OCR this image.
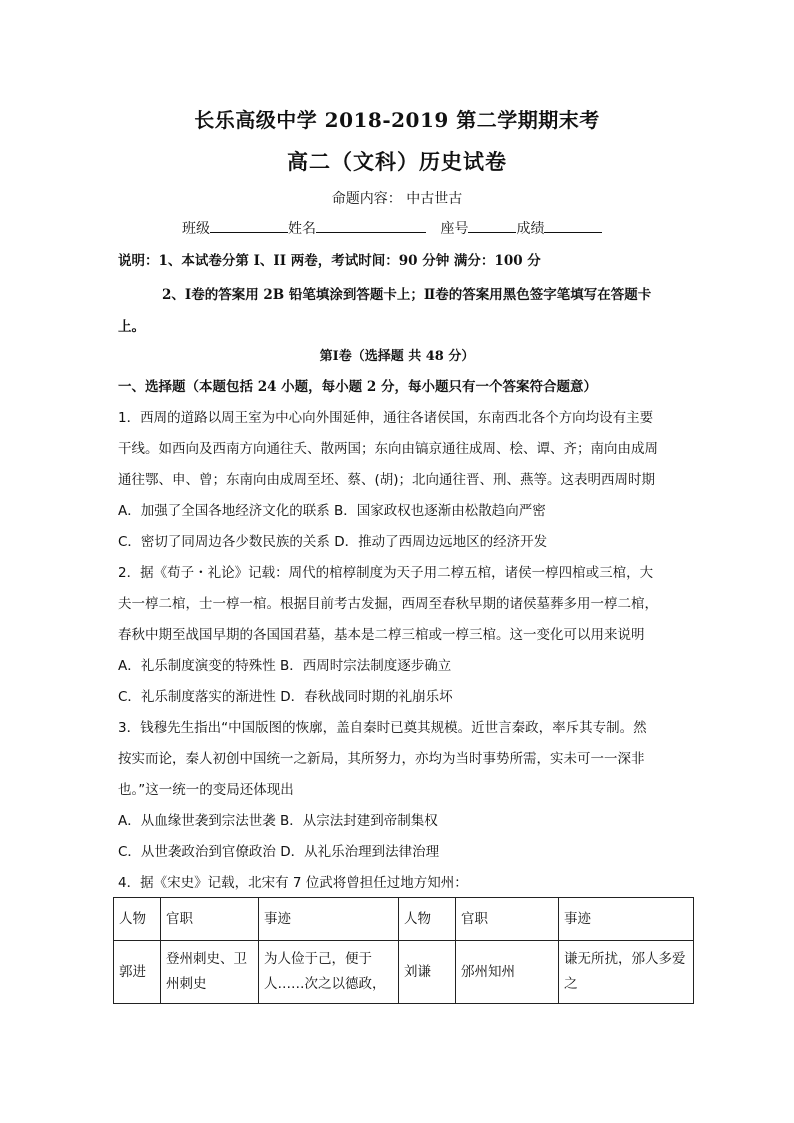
长乐高级中学 2018-2019 第二学期期末考
高二（文科）历史试卷
命题内容： 中古世古
班级	姓名	座号	成绩
说明：1、本试卷分第 I、II 两卷，考试时间：90 分钟 满分：100 分
2、Ⅰ卷的答案用 2B 铅笔填涂到答题卡上；Ⅱ卷的答案用黑色签字笔填写在答题卡
上。
第Ⅰ卷（选择题 共 48 分）
一、选择题（本题包括 24 小题，每小题 2 分，每小题只有一个答案符合题意）
1．西周的道路以周王室为中心向外围延伸，通往各诸侯国，东南西北各个方向均设有主要
干线。如西向及西南方向通往夭、散两国；东向由镐京通往成周、桧、谭、齐；南向由成周
通往鄂、申、曾；东南向由成周至坯、蔡、(胡)；北向通往晋、刑、燕等。这表明西周时期
A．加强了全国各地经济文化的联系 B．国家政权也逐渐由松散趋向严密
C．密切了同周边各少数民族的关系 D．推动了西周边远地区的经济开发
2．据《荀子・礼论》记载：周代的棺椁制度为天子用二椁五棺，诸侯一椁四棺或三棺，大
夫一椁二棺，士一椁一棺。根据目前考古发掘，西周至春秋早期的诸侯墓葬多用一椁二棺，
春秋中期至战国早期的各国国君墓，基本是二椁三棺或一椁三棺。这一变化可以用来说明
A．礼乐制度演变的特殊性 B．西周时宗法制度逐步确立
C．礼乐制度落实的渐进性 D．春秋战同时期的礼崩乐坏
3．钱穆先生指出“中国版图的恢廓，盖自秦时已奠其规模。近世言秦政，率斥其专制。然
按实而论，秦人初创中国统一之新局，其所努力，亦均为当时事势所需，实未可一一深非
也。”这一统一的变局还体现出
A．从血缘世袭到宗法世袭 B．从宗法封建到帝制集权
C．从世袭政治到官僚政治 D．从礼乐治理到法律治理
4．据《宋史》记载，北宋有 7 位武将曾担任过地方知州：
人物	官职	事迹	人物	官职	事迹
郭进	登州刺史、卫州刺史	为人俭于己，便于人……次之以德政，	刘谦	邠州知州	谦无所扰，邠人多爱之
